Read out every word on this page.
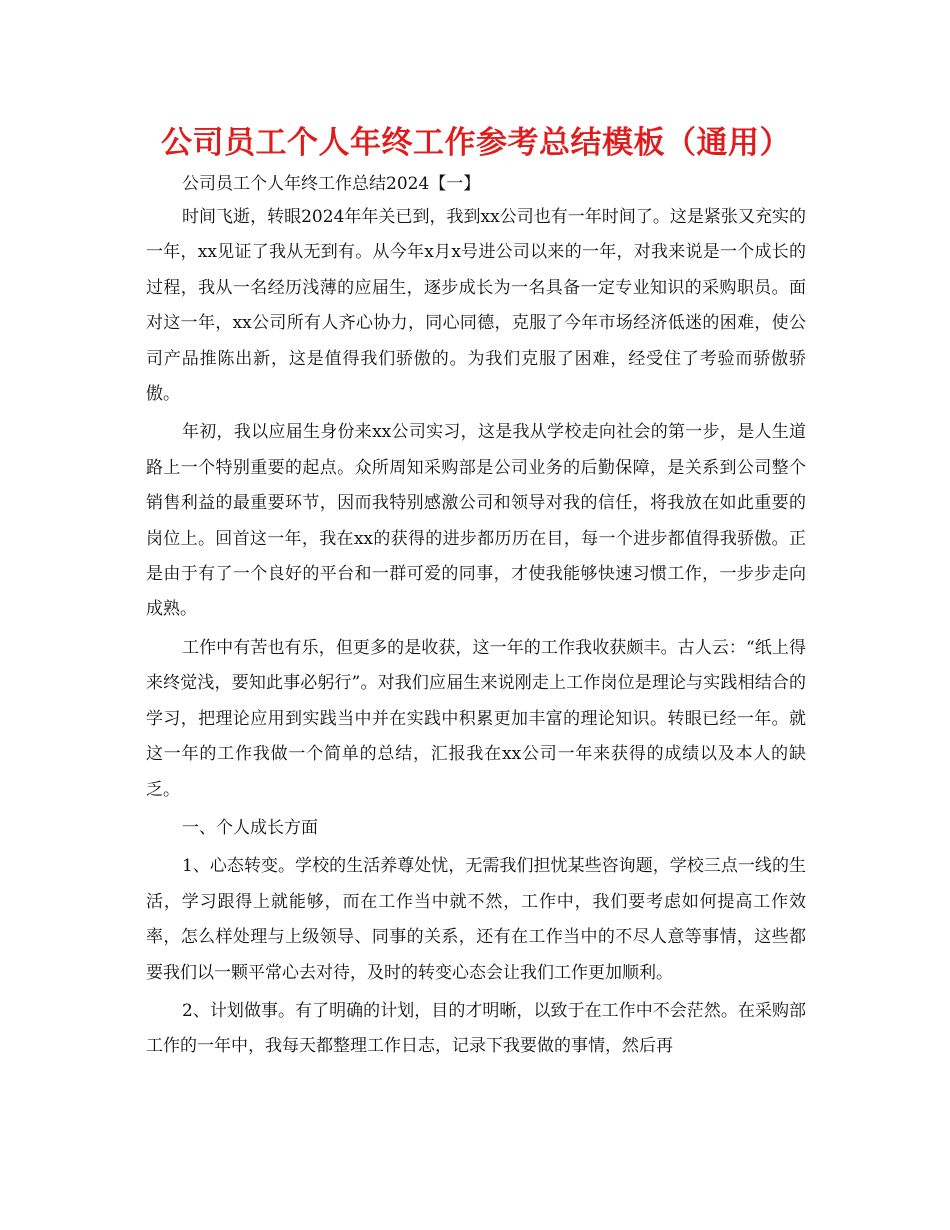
公司员工个人年终工作参考总结模板（通用）

公司员工个人年终工作总结2024【一】

时间飞逝，转眼2024年年关已到，我到xx公司也有一年时间了。这是紧张又充实的一年，xx见证了我从无到有。从今年x月x号进公司以来的一年，对我来说是一个成长的过程，我从一名经历浅薄的应届生，逐步成长为一名具备一定专业知识的采购职员。面对这一年，xx公司所有人齐心协力，同心同德，克服了今年市场经济低迷的困难，使公司产品推陈出新，这是值得我们骄傲的。为我们克服了困难，经受住了考验而骄傲骄傲。

年初，我以应届生身份来xx公司实习，这是我从学校走向社会的第一步，是人生道路上一个特别重要的起点。众所周知采购部是公司业务的后勤保障，是关系到公司整个销售利益的最重要环节，因而我特别感激公司和领导对我的信任，将我放在如此重要的岗位上。回首这一年，我在xx的获得的进步都历历在目，每一个进步都值得我骄傲。正是由于有了一个良好的平台和一群可爱的同事，才使我能够快速习惯工作，一步步走向成熟。

工作中有苦也有乐，但更多的是收获，这一年的工作我收获颇丰。古人云：“纸上得来终觉浅，要知此事必躬行”。对我们应届生来说刚走上工作岗位是理论与实践相结合的学习，把理论应用到实践当中并在实践中积累更加丰富的理论知识。转眼已经一年。就这一年的工作我做一个简单的总结，汇报我在xx公司一年来获得的成绩以及本人的缺乏。

一、个人成长方面

1、心态转变。学校的生活养尊处忧，无需我们担忧某些咨询题，学校三点一线的生活，学习跟得上就能够，而在工作当中就不然，工作中，我们要考虑如何提高工作效率，怎么样处理与上级领导、同事的关系，还有在工作当中的不尽人意等事情，这些都要我们以一颗平常心去对待，及时的转变心态会让我们工作更加顺利。

2、计划做事。有了明确的计划，目的才明晰，以致于在工作中不会茫然。在采购部工作的一年中，我每天都整理工作日志，记录下我要做的事情，然后再
